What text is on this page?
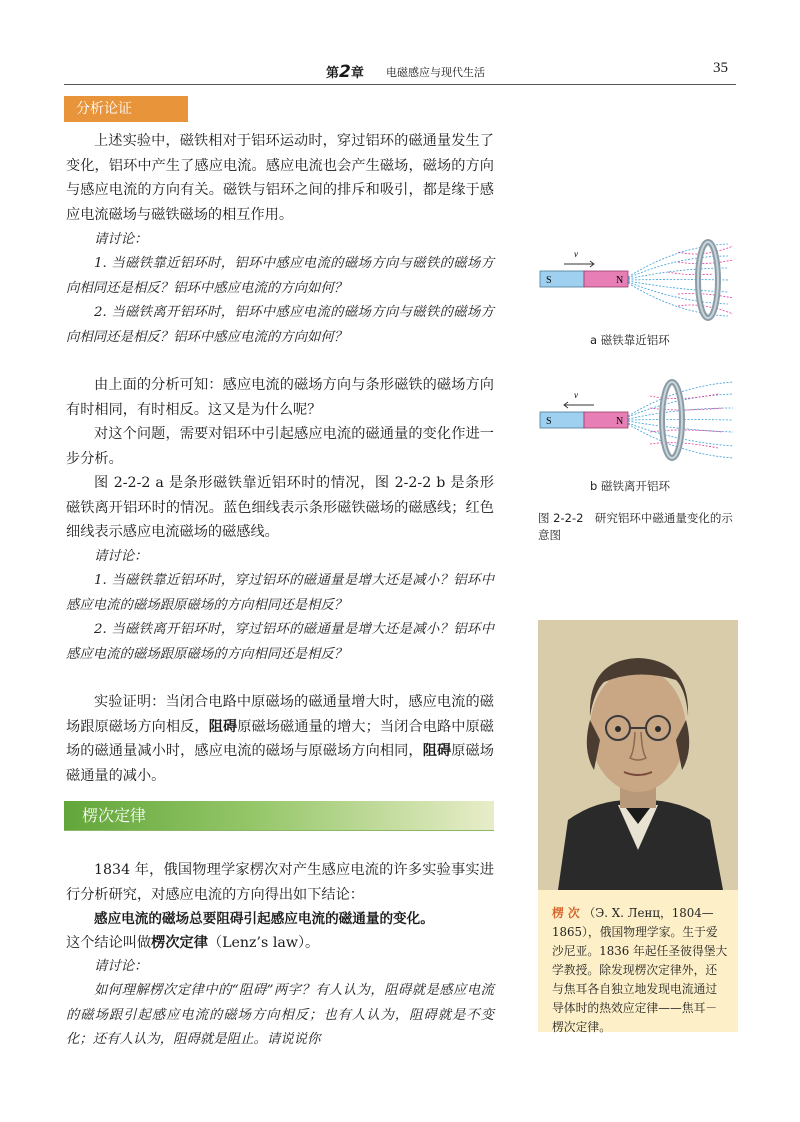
第2章 电磁感应与现代生活	35
分析论证

上述实验中，磁铁相对于铝环运动时，穿过铝环的磁通量发生了变化，铝环中产生了感应电流。感应电流也会产生磁场，磁场的方向与感应电流的方向有关。磁铁与铝环之间的排斥和吸引，都是缘于感应电流磁场与磁铁磁场的相互作用。

请讨论：

1. 当磁铁靠近铝环时，铝环中感应电流的磁场方向与磁铁的磁场方向相同还是相反？铝环中感应电流的方向如何？

2. 当磁铁离开铝环时，铝环中感应电流的磁场方向与磁铁的磁场方向相同还是相反？铝环中感应电流的方向如何？

由上面的分析可知：感应电流的磁场方向与条形磁铁的磁场方向有时相同，有时相反。这又是为什么呢？

对这个问题，需要对铝环中引起感应电流的磁通量的变化作进一步分析。

图 2-2-2 a 是条形磁铁靠近铝环时的情况，图 2-2-2 b 是条形磁铁离开铝环时的情况。蓝色细线表示条形磁铁磁场的磁感线；红色细线表示感应电流磁场的磁感线。

请讨论：

1. 当磁铁靠近铝环时，穿过铝环的磁通量是增大还是减小？铝环中感应电流的磁场跟原磁场的方向相同还是相反？

2. 当磁铁离开铝环时，穿过铝环的磁通量是增大还是减小？铝环中感应电流的磁场跟原磁场的方向相同还是相反？

实验证明：当闭合电路中原磁场的磁通量增大时，感应电流的磁场跟原磁场方向相反，阻碍原磁场磁通量的增大；当闭合电路中原磁场的磁通量减小时，感应电流的磁场与原磁场方向相同，阻碍原磁场磁通量的减小。

楞次定律

1834 年，俄国物理学家楞次对产生感应电流的许多实验事实进行分析研究，对感应电流的方向得出如下结论：

感应电流的磁场总要阻碍引起感应电流的磁通量的变化。

这个结论叫做楞次定律（Lenz’s law）。

请讨论：

如何理解楞次定律中的“阻碍”两字？有人认为，阻碍就是感应电流的磁场跟引起感应电流的磁场方向相反；也有人认为，阻碍就是不变化；还有人认为，阻碍就是阻止。请说说你

S	N
v
a 磁铁靠近铝环
S	N
v
b 磁铁离开铝环
图 2-2-2　研究铝环中磁通量变化的示意图
楞 次 （Э. Х. Ленц，1804—1865），俄国物理学家。生于爱沙尼亚。1836 年起任圣彼得堡大学教授。除发现楞次定律外，还与焦耳各自独立地发现电流通过导体时的热效应定律——焦耳－楞次定律。
